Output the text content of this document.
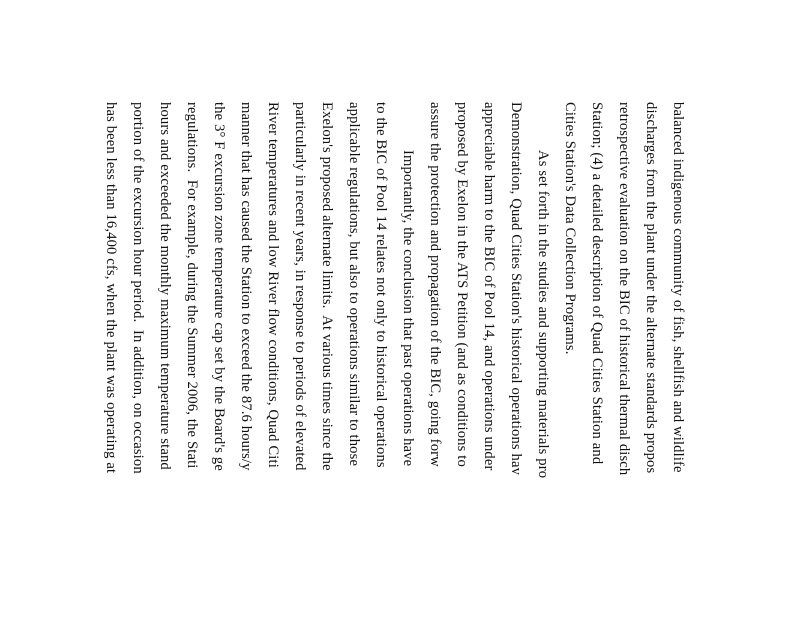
balanced indigenous community of fish, shellfish and wildlife
discharges from the plant under the alternate standards propos
retrospective evaluation on the BIC of historical thermal disch
Station; (4) a detailed description of Quad Cities Station and
Cities Station's Data Collection Programs.
As set forth in the studies and supporting materials pro
Demonstration, Quad Cities Station's historical operations hav
appreciable harm to the BIC of Pool 14, and operations under
proposed by Exelon in the ATS Petition (and as conditions to
assure the protection and propagation of the BIC, going forw
Importantly, the conclusion that past operations have
to the BIC of Pool 14 relates not only to historical operations
applicable regulations, but also to operations similar to those
Exelon's proposed alternate limits.  At various times since the
particularly in recent years, in response to periods of elevated
River temperatures and low River flow conditions, Quad Citi
manner that has caused the Station to exceed the 87.6 hours/y
the 3° F excursion zone temperature cap set by the Board's ge
regulations.  For example, during the Summer 2006, the Stati
hours and exceeded the monthly maximum temperature stand
portion of the excursion hour period.  In addition, on occasion
has been less than 16,400 cfs, when the plant was operating at
